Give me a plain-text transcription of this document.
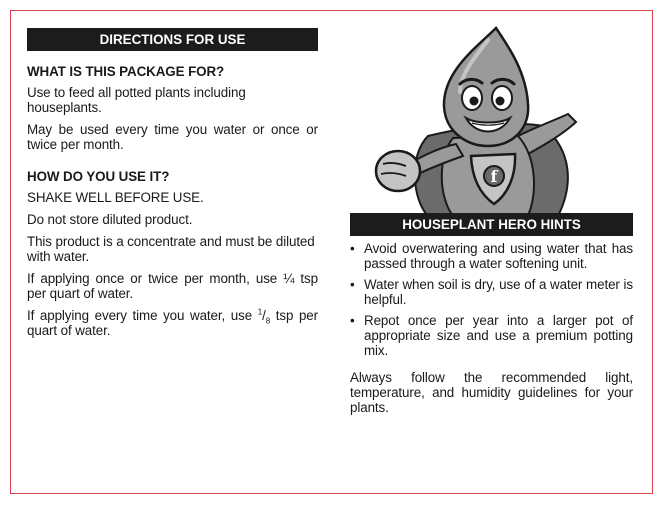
DIRECTIONS FOR USE
WHAT IS THIS PACKAGE FOR?
Use to feed all potted plants including houseplants.
May be used every time you water or once or twice per month.
HOW DO YOU USE IT?
SHAKE WELL BEFORE USE.
Do not store diluted product.
This product is a concentrate and must be diluted with water.
If applying once or twice per month, use ¼ tsp per quart of water.
If applying every time you water, use $^1/_8$ tsp per quart of water.
f
HOUSEPLANT HERO HINTS
• Avoid overwatering and using water that has passed through a water softening unit.
• Water when soil is dry, use of a water meter is helpful.
• Repot once per year into a larger pot of appropriate size and use a premium potting mix.
Always follow the recommended light, temperature, and humidity guidelines for your plants.
